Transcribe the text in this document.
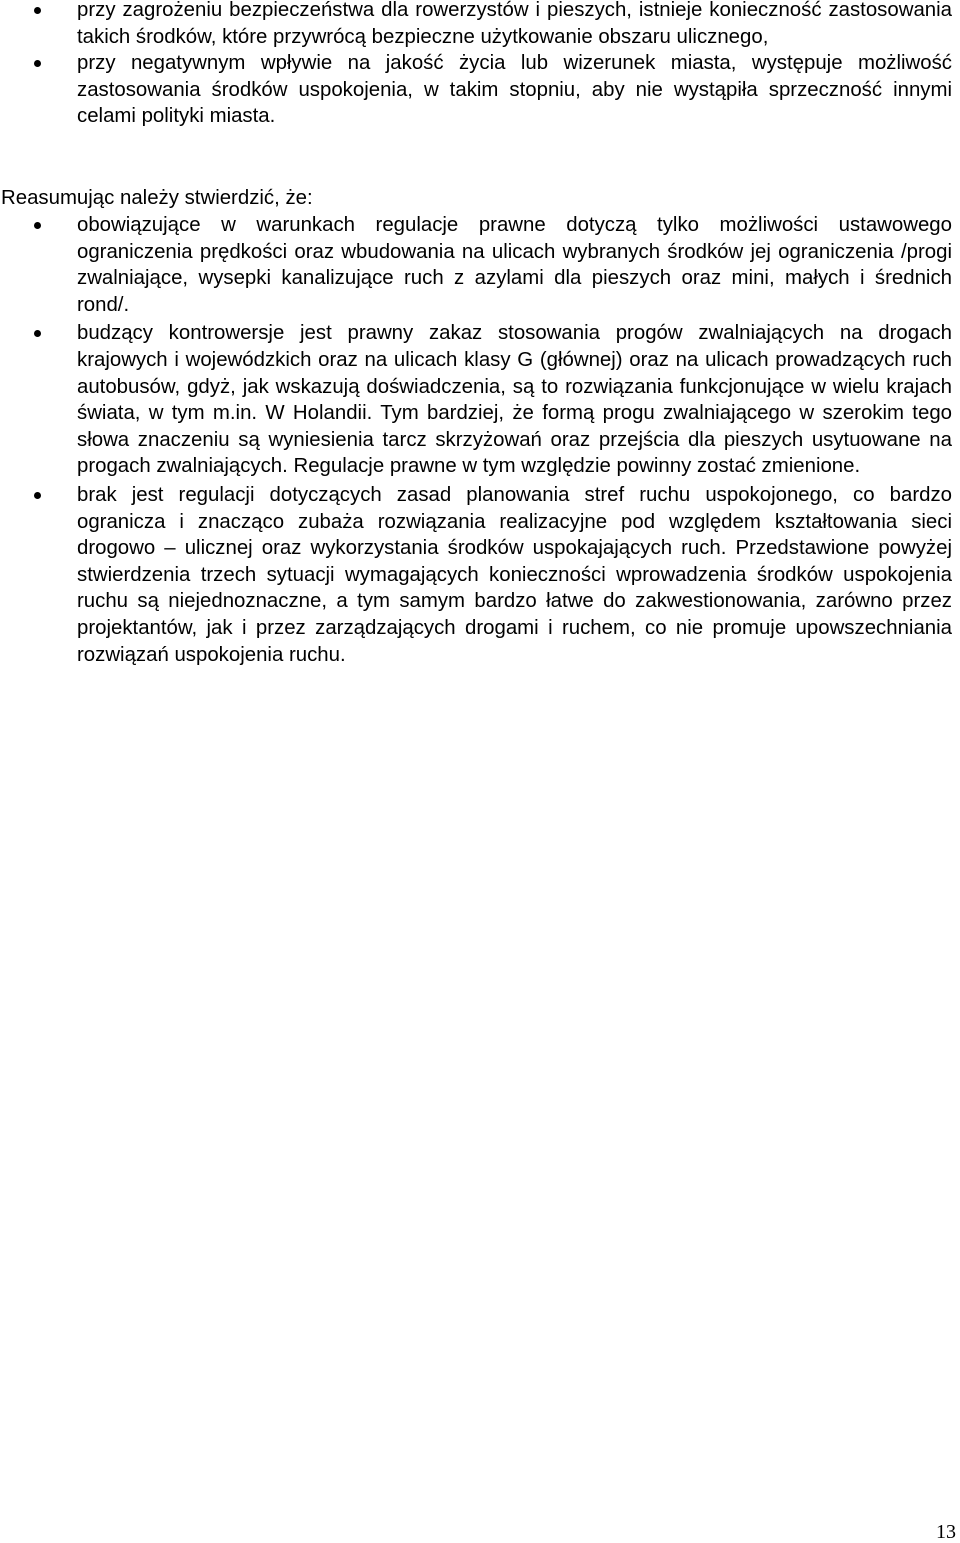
przy zagrożeniu bezpieczeństwa dla rowerzystów i pieszych, istnieje konieczność zastosowania takich środków, które przywrócą bezpieczne użytkowanie obszaru ulicznego,
przy negatywnym wpływie na jakość życia lub wizerunek miasta, występuje możliwość zastosowania środków uspokojenia, w takim stopniu, aby nie wystąpiła sprzeczność innymi celami polityki miasta.

Reasumując należy stwierdzić, że:

obowiązujące w warunkach regulacje prawne dotyczą tylko możliwości ustawowego ograniczenia prędkości oraz wbudowania na ulicach wybranych środków jej ograniczenia /progi zwalniające, wysepki kanalizujące ruch z azylami dla pieszych oraz mini, małych i średnich rond/.
budzący kontrowersje jest prawny zakaz stosowania progów zwalniających na drogach krajowych i wojewódzkich oraz na ulicach klasy G (głównej) oraz na ulicach prowadzących ruch autobusów, gdyż, jak wskazują doświadczenia, są to rozwiązania funkcjonujące w wielu krajach świata, w tym m.in. W Holandii. Tym bardziej, że formą progu zwalniającego w szerokim tego słowa znaczeniu są wyniesienia tarcz skrzyżowań oraz przejścia dla pieszych usytuowane na progach zwalniających. Regulacje prawne w tym względzie powinny zostać zmienione.
brak jest regulacji dotyczących zasad planowania stref ruchu uspokojonego, co bardzo ogranicza i znacząco zubaża rozwiązania realizacyjne pod względem kształtowania sieci drogowo – ulicznej oraz wykorzystania środków uspokajających ruch. Przedstawione powyżej stwierdzenia trzech sytuacji wymagających konieczności wprowadzenia środków uspokojenia ruchu są niejednoznaczne, a tym samym bardzo łatwe do zakwestionowania, zarówno przez projektantów, jak i przez zarządzających drogami i ruchem, co nie promuje upowszechniania rozwiązań uspokojenia ruchu.
13
